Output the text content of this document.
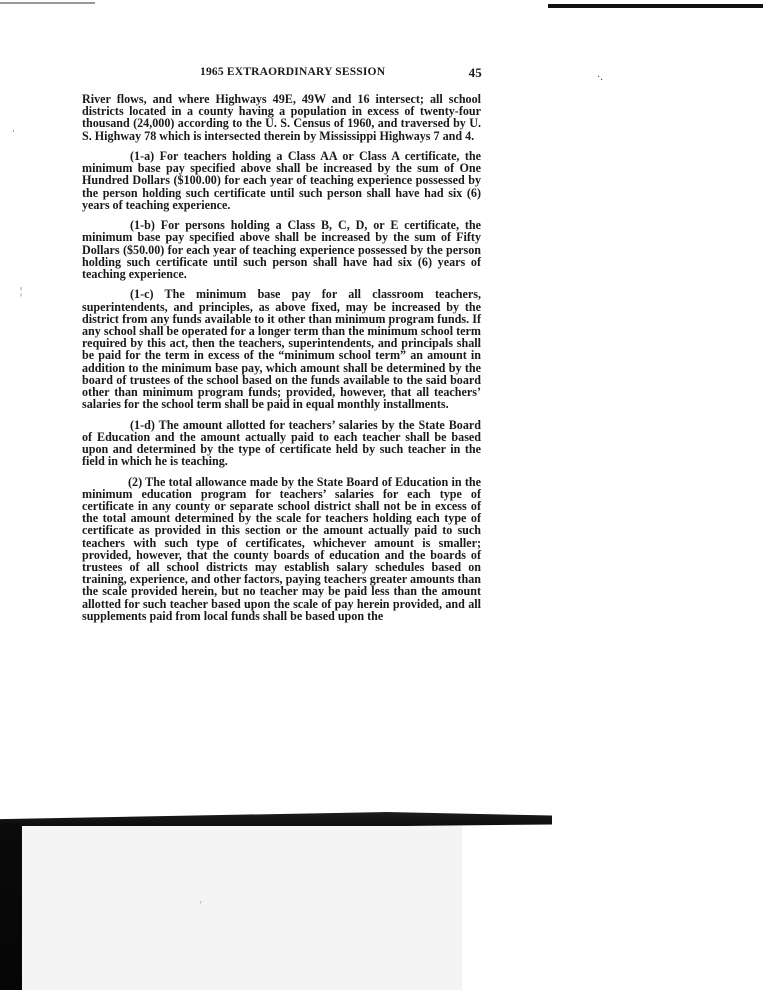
·.
·
¦
1965 EXTRAORDINARY SESSION	45

River flows, and where Highways 49E, 49W and 16 intersect; all school districts located in a county having a population in excess of twenty-four thousand (24,000) according to the U. S. Census of 1960, and traversed by U. S. Highway 78 which is intersected therein by Mississippi Highways 7 and 4.

(1-a) For teachers holding a Class AA or Class A certificate, the minimum base pay specified above shall be increased by the sum of One Hundred Dollars ($100.00) for each year of teaching experience possessed by the person holding such certificate until such person shall have had six (6) years of teaching experience.

(1-b) For persons holding a Class B, C, D, or E certificate, the minimum base pay specified above shall be increased by the sum of Fifty Dollars ($50.00) for each year of teaching experience possessed by the person holding such certificate until such person shall have had six (6) years of teaching experience.

(1-c) The minimum base pay for all classroom teachers, superintendents, and principles, as above fixed, may be increased by the district from any funds available to it other than minimum program funds. If any school shall be operated for a longer term than the minimum school term required by this act, then the teachers, superintendents, and principals shall be paid for the term in excess of the “minimum school term” an amount in addition to the minimum base pay, which amount shall be determined by the board of trustees of the school based on the funds available to the said board other than minimum program funds; provided, however, that all teachers’ salaries for the school term shall be paid in equal monthly installments.

(1-d) The amount allotted for teachers’ salaries by the State Board of Education and the amount actually paid to each teacher shall be based upon and determined by the type of certificate held by such teacher in the field in which he is teaching.

(2) The total allowance made by the State Board of Education in the minimum education program for teachers’ salaries for each type of certificate in any county or separate school district shall not be in excess of the total amount determined by the scale for teachers holding each type of certificate as provided in this section or the amount actually paid to such teachers with such type of certificates, whichever amount is smaller; provided, however, that the county boards of education and the boards of trustees of all school districts may establish salary schedules based on training, experience, and other factors, paying teachers greater amounts than the scale provided herein, but no teacher may be paid less than the amount allotted for such teacher based upon the scale of pay herein provided, and all supplements paid from local funds shall be based upon the

'
